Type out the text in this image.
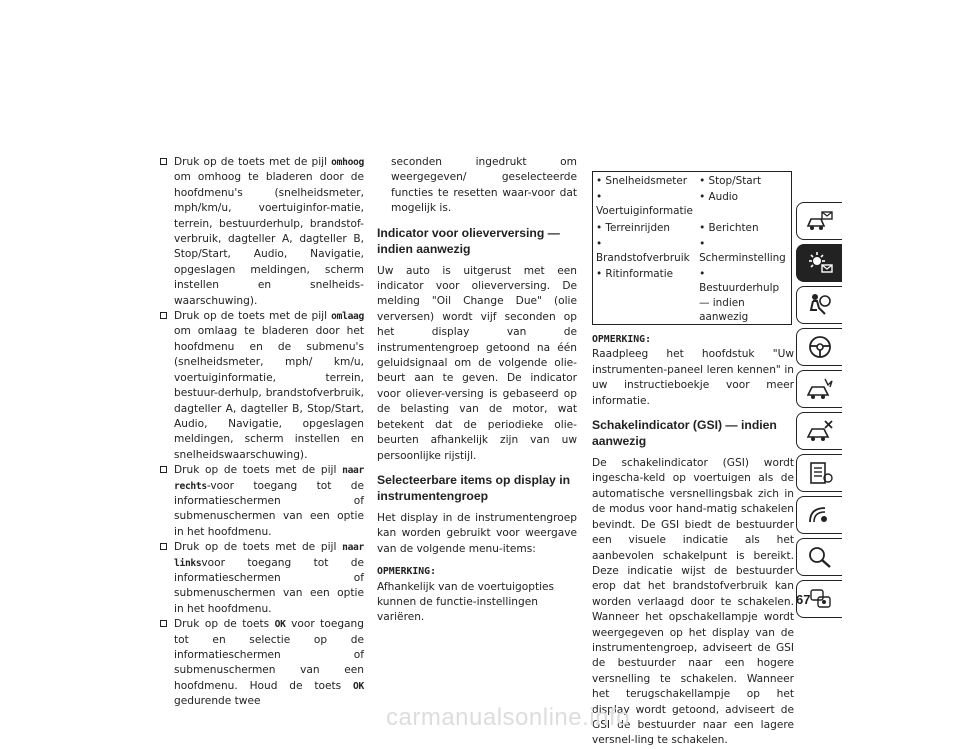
Druk op de toets met de pijl omhoog om omhoog te bladeren door de hoofdmenu's (snelheidsmeter, mph/km/u, voertuiginfor-matie, terrein, bestuurderhulp, brandstof-verbruik, dagteller A, dagteller B, Stop/Start, Audio, Navigatie, opgeslagen meldingen, scherm instellen en snelheids-waarschuwing).

Druk op de toets met de pijl omlaag om omlaag te bladeren door het hoofdmenu en de submenu's (snelheidsmeter, mph/ km/u, voertuiginformatie, terrein, bestuur-derhulp, brandstofverbruik, dagteller A, dagteller B, Stop/Start, Audio, Navigatie, opgeslagen meldingen, scherm instellen en snelheidswaarschuwing).

Druk op de toets met de pijl naar rechts-voor toegang tot de informatieschermen of submenuschermen van een optie in het hoofdmenu.

Druk op de toets met de pijl naar linksvoor toegang tot de informatieschermen of submenuschermen van een optie in het hoofdmenu.

Druk op de toets OK voor toegang tot en selectie op de informatieschermen of submenuschermen van een hoofdmenu. Houd de toets OK gedurende twee

seconden ingedrukt om weergegeven/ geselecteerde functies te resetten waar-voor dat mogelijk is.

Indicator voor olieverversing — indien aanwezig

Uw auto is uitgerust met een indicator voor olieverversing. De melding "Oil Change Due" (olie verversen) wordt vijf seconden op het display van de instrumentengroep getoond na één geluidsignaal om de volgende olie-beurt aan te geven. De indicator voor oliever-versing is gebaseerd op de belasting van de motor, wat betekent dat de periodieke olie-beurten afhankelijk zijn van uw persoonlijke rijstijl.

Selecteerbare items op display in instrumentengroep

Het display in de instrumentengroep kan worden gebruikt voor weergave van de volgende menu-items:

OPMERKING:

Afhankelijk van de voertuigopties kunnen de functie-instellingen variëren.

• Snelheidsmeter	• Stop/Start
• Voertuiginformatie	• Audio
• Terreinrijden	• Berichten
• Brandstofverbruik	• Scherminstelling
• Ritinformatie	• Bestuurderhulp — indien aanwezig
OPMERKING:

Raadpleeg het hoofdstuk "Uw instrumenten-paneel leren kennen" in uw instructieboekje voor meer informatie.

Schakelindicator (GSI) — indien aanwezig

De schakelindicator (GSI) wordt ingescha-keld op voertuigen als de automatische versnellingsbak zich in de modus voor hand-matig schakelen bevindt. De GSI biedt de bestuurder een visuele indicatie als het aanbevolen schakelpunt is bereikt. Deze indicatie wijst de bestuurder erop dat het brandstofverbruik kan worden verlaagd door te schakelen. Wanneer het opschakellampje wordt weergegeven op het display van de instrumentengroep, adviseert de GSI de bestuurder naar een hogere versnelling te schakelen. Wanneer het terugschakellampje op het display wordt getoond, adviseert de GSI de bestuurder naar een lagere versnel-ling te schakelen.

67
carmanualsonline.info
